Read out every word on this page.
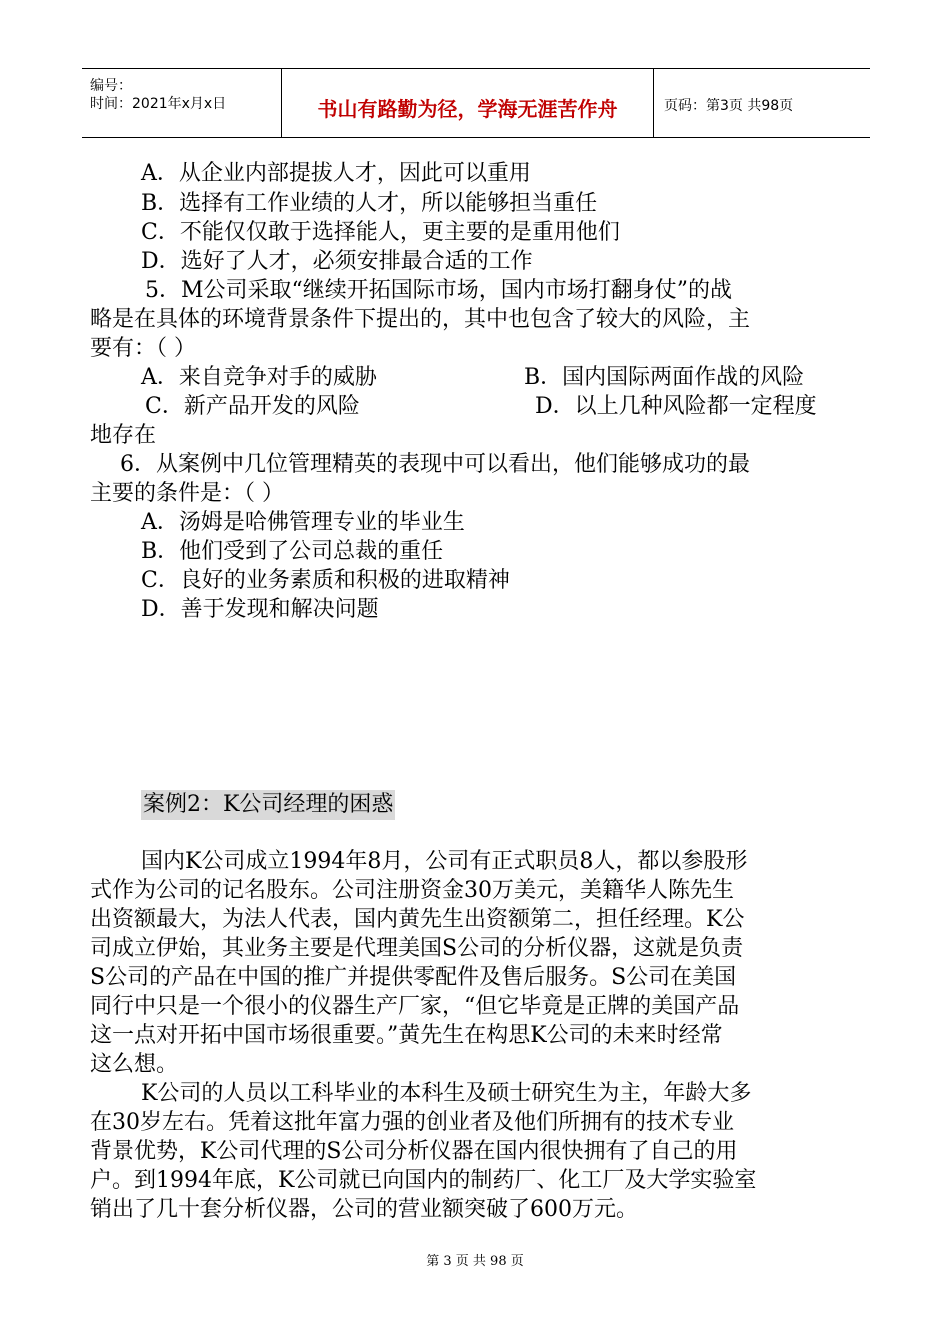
编号：
时间：2021年x月x日	书山有路勤为径，学海无涯苦作舟	页码：第3页 共98页
A．从企业内部提拔人才，因此可以重用
B．选择有工作业绩的人才，所以能够担当重任
C．不能仅仅敢于选择能人，更主要的是重用他们
D．选好了人才，必须安排最合适的工作
5．M公司采取“继续开拓国际市场，国内市场打翻身仗”的战
略是在具体的环境背景条件下提出的，其中也包含了较大的风险，主
要有：（ ）
A．来自竞争对手的威胁	B．国内国际两面作战的风险
C．新产品开发的风险	D．以上几种风险都一定程度
地存在
6．从案例中几位管理精英的表现中可以看出，他们能够成功的最
主要的条件是：（ ）
A．汤姆是哈佛管理专业的毕业生
B．他们受到了公司总裁的重任
C．良好的业务素质和积极的进取精神
D．善于发现和解决问题
案例2：K公司经理的困惑
国内K公司成立1994年8月，公司有正式职员8人，都以参股形
式作为公司的记名股东。公司注册资金30万美元，美籍华人陈先生
出资额最大，为法人代表，国内黄先生出资额第二，担任经理。K公
司成立伊始，其业务主要是代理美国S公司的分析仪器，这就是负责
S公司的产品在中国的推广并提供零配件及售后服务。S公司在美国
同行中只是一个很小的仪器生产厂家，“但它毕竟是正牌的美国产品
这一点对开拓中国市场很重要。”黄先生在构思K公司的未来时经常
这么想。
K公司的人员以工科毕业的本科生及硕士研究生为主，年龄大多
在30岁左右。凭着这批年富力强的创业者及他们所拥有的技术专业
背景优势，K公司代理的S公司分析仪器在国内很快拥有了自己的用
户。到1994年底，K公司就已向国内的制药厂、化工厂及大学实验室
销出了几十套分析仪器，公司的营业额突破了600万元。
第 3 页 共 98 页
